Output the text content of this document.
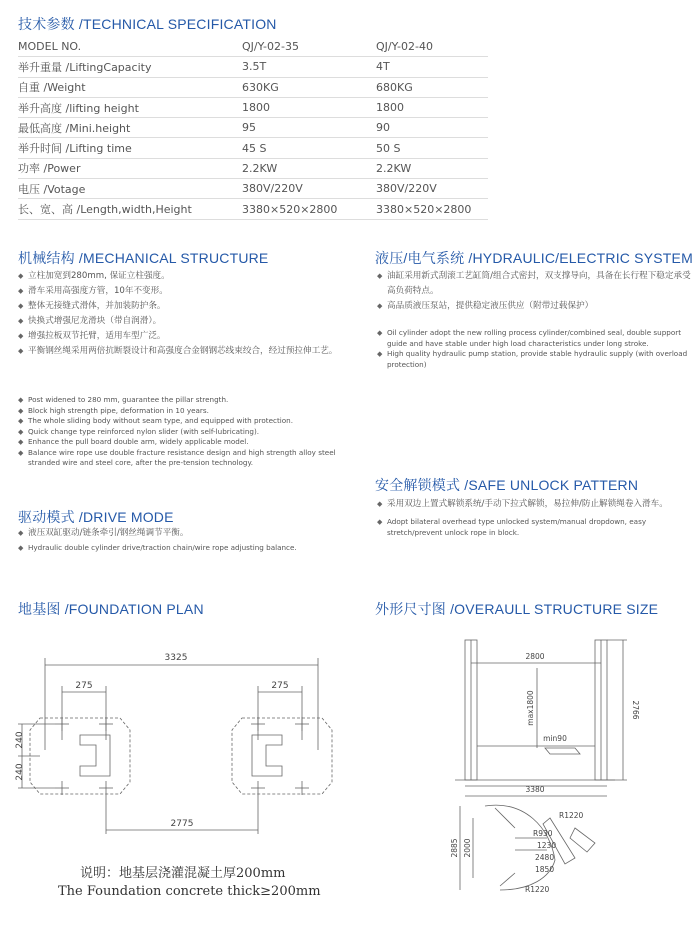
技术参数 /TECHNICAL SPECIFICATION
MODEL NO.	QJ/Y-02-35	QJ/Y-02-40
举升重量 /LiftingCapacity	3.5T	4T
自重 /Weight	630KG	680KG
举升高度 /lifting height	1800	1800
最低高度 /Mini.height	95	90
举升时间 /Lifting time	45 S	50 S
功率 /Power	2.2KW	2.2KW
电压 /Votage	380V/220V	380V/220V
长、宽、高 /Length,width,Height	3380×520×2800	3380×520×2800
机械结构 /MECHANICAL STRUCTURE
◆ 立柱加宽到280mm, 保证立柱强度。
◆ 滑车采用高强度方管，10年不变形。
◆ 整体无接缝式滑体，并加装防护条。
◆ 快换式增强尼龙滑块（带自润滑）。
◆ 增强拉板双节托臂，适用车型广泛。
◆ 平衡钢丝绳采用两倍抗断裂设计和高强度合金钢钢芯线束绞合，经过预拉伸工艺。
◆ Post widened to 280 mm, guarantee the pillar strength.
◆ Block high strength pipe, deformation in 10 years.
◆ The whole sliding body without seam type, and equipped with protection.
◆ Quick change type reinforced nylon slider (with self-lubricating).
◆ Enhance the pull board double arm, widely applicable model.
◆ Balance wire rope use double fracture resistance design and high strength alloy steel stranded wire and steel core, after the pre-tension technology.
驱动模式 /DRIVE MODE
◆ 液压双缸驱动/链条牵引/钢丝绳调节平衡。
◆ Hydraulic double cylinder drive/traction chain/wire rope adjusting balance.
液压/电气系统 /HYDRAULIC/ELECTRIC SYSTEM
◆ 油缸采用新式刮滚工艺缸筒/组合式密封，双支撑导向，具备在长行程下稳定承受高负荷特点。
◆ 高品质液压泵站，提供稳定液压供应（附带过载保护）
◆ Oil cylinder adopt the new rolling process cylinder/combined seal, double support guide and have stable under high load characteristics under long stroke.
◆ High quality hydraulic pump station, provide stable hydraulic supply (with overload protection)
安全解锁模式 /SAFE UNLOCK PATTERN
◆ 采用双边上置式解锁系统/手动下拉式解锁，易拉伸/防止解锁绳卷入滑车。
◆ Adopt bilateral overhead type unlocked system/manual dropdown, easy stretch/prevent unlock rope in block.
地基图 /FOUNDATION PLAN
3325
275	275
2775
240
240
说明：地基层浇灌混凝土厚200mm
The Foundation concrete thick≥200mm
外形尺寸图 /OVERAULL STRUCTURE SIZE
2800
2766
max1800
min90
3380
R1220
R930
1230
2480
1850
R1220
2885 2000
